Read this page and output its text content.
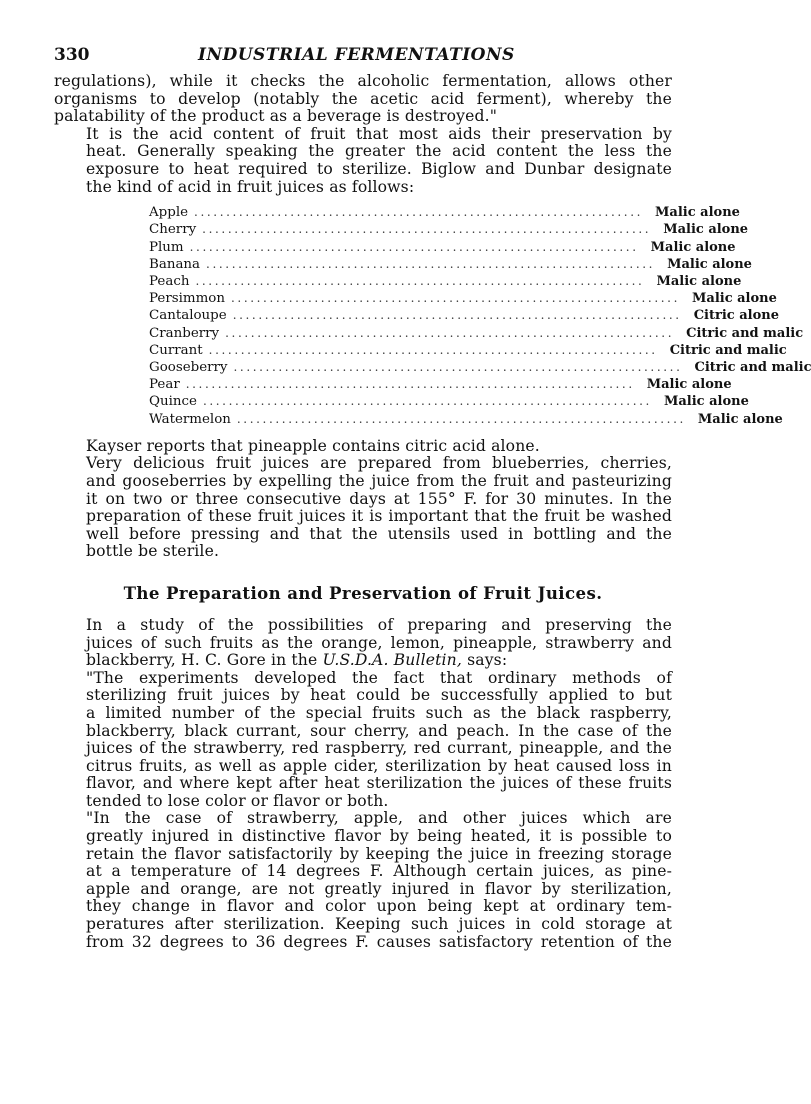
330	INDUSTRIAL FERMENTATIONS

regulations), while it checks the alcoholic fermentation, allows other
organisms to develop (notably the acetic acid ferment), whereby the
palatability of the product as a beverage is destroyed."

It is the acid content of fruit that most aids their preservation by
heat. Generally speaking the greater the acid content the less the
exposure to heat required to sterilize. Biglow and Dunbar designate
the kind of acid in fruit juices as follows:

Apple ...................................................................... Malic alone
Cherry ...................................................................... Malic alone
Plum ...................................................................... Malic alone
Banana ...................................................................... Malic alone
Peach ...................................................................... Malic alone
Persimmon ...................................................................... Malic alone
Cantaloupe ...................................................................... Citric alone
Cranberry ...................................................................... Citric and malic
Currant ...................................................................... Citric and malic
Gooseberry ...................................................................... Citric and malic
Pear ...................................................................... Malic alone
Quince ...................................................................... Malic alone
Watermelon ...................................................................... Malic alone

Kayser reports that pineapple contains citric acid alone.

Very delicious fruit juices are prepared from blueberries, cherries,
and gooseberries by expelling the juice from the fruit and pasteurizing
it on two or three consecutive days at 155° F. for 30 minutes. In the
preparation of these fruit juices it is important that the fruit be washed
well before pressing and that the utensils used in bottling and the
bottle be sterile.

The Preparation and Preservation of Fruit Juices.

In a study of the possibilities of preparing and preserving the
juices of such fruits as the orange, lemon, pineapple, strawberry and
blackberry, H. C. Gore in the U.S.D.A. Bulletin, says:

"The experiments developed the fact that ordinary methods of
sterilizing fruit juices by heat could be successfully applied to but
a limited number of the special fruits such as the black raspberry,
blackberry, black currant, sour cherry, and peach. In the case of the
juices of the strawberry, red raspberry, red currant, pineapple, and the
citrus fruits, as well as apple cider, sterilization by heat caused loss in
flavor, and where kept after heat sterilization the juices of these fruits
tended to lose color or flavor or both.

"In the case of strawberry, apple, and other juices which are
greatly injured in distinctive flavor by being heated, it is possible to
retain the flavor satisfactorily by keeping the juice in freezing storage
at a temperature of 14 degrees F. Although certain juices, as pine-
apple and orange, are not greatly injured in flavor by sterilization,
they change in flavor and color upon being kept at ordinary tem-
peratures after sterilization. Keeping such juices in cold storage at
from 32 degrees to 36 degrees F. causes satisfactory retention of the
